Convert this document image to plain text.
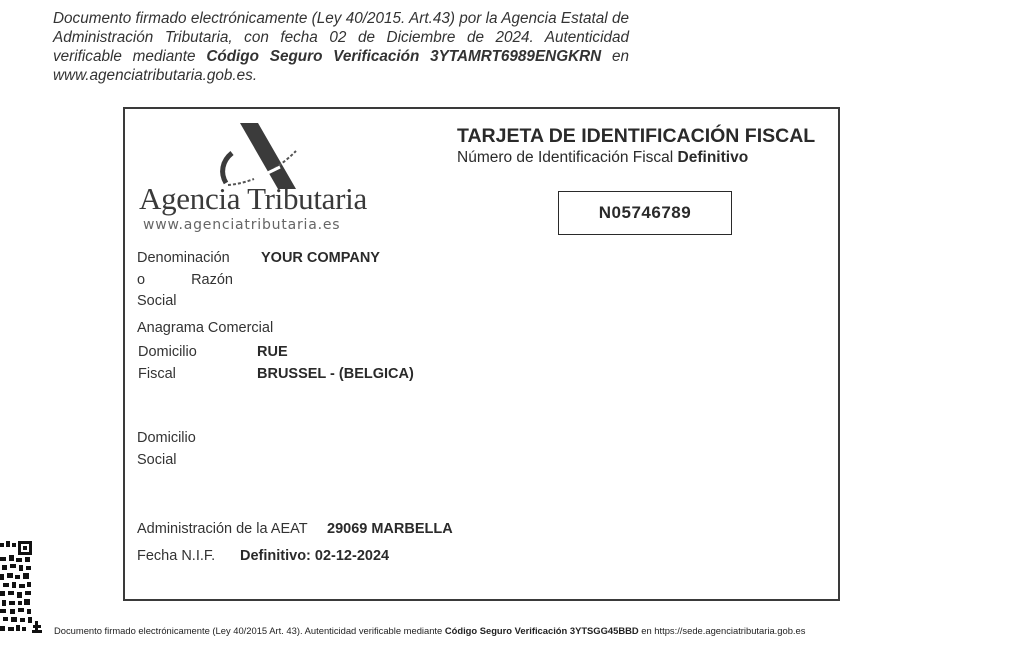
Documento firmado electrónicamente (Ley 40/2015. Art.43) por la Agencia Estatal de Administración Tributaria, con fecha 02 de Diciembre de 2024. Autenticidad verificable mediante Código Seguro Verificación 3YTAMRT6989ENGKRN en www.agenciatributaria.gob.es.
Agencia Tributaria
www.agenciatributaria.es
TARJETA DE IDENTIFICACIÓN FISCAL
Número de Identificación Fiscal Definitivo
N05746789
Denominación
o	Razón
Social
YOUR COMPANY
Anagrama Comercial
Domicilio
Fiscal
RUE
BRUSSEL - (BELGICA)
Domicilio
Social
Administración de la AEAT 29069 MARBELLA
Fecha N.I.F. Definitivo: 02-12-2024
Documento firmado electrónicamente (Ley 40/2015 Art. 43). Autenticidad verificable mediante Código Seguro Verificación 3YTSGG45BBD en https://sede.agenciatributaria.gob.es
